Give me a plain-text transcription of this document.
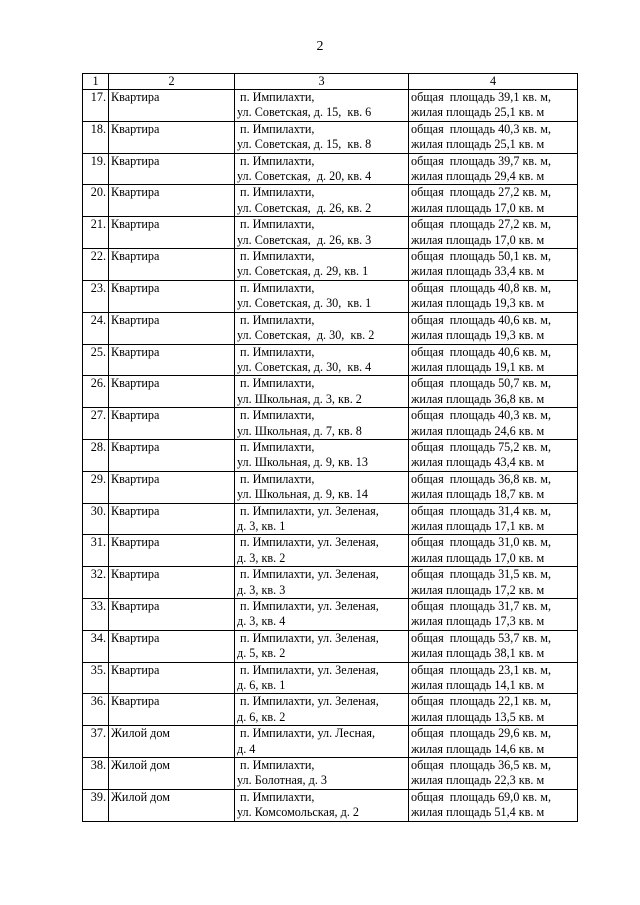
2
1	2	3	4
17.	Квартира	п. Импилахти,
ул. Советская, д. 15,  кв. 6	общая  площадь 39,1 кв. м,
жилая площадь 25,1 кв. м

18.	Квартира	п. Импилахти,
ул. Советская, д. 15,  кв. 8	общая  площадь 40,3 кв. м,
жилая площадь 25,1 кв. м

19.	Квартира	п. Импилахти,
ул. Советская,  д. 20, кв. 4	общая  площадь 39,7 кв. м,
жилая площадь 29,4 кв. м

20.	Квартира	п. Импилахти,
ул. Советская,  д. 26, кв. 2	общая  площадь 27,2 кв. м,
жилая площадь 17,0 кв. м

21.	Квартира	п. Импилахти,
ул. Советская,  д. 26, кв. 3	общая  площадь 27,2 кв. м,
жилая площадь 17,0 кв. м

22.	Квартира	п. Импилахти,
ул. Советская, д. 29, кв. 1	общая  площадь 50,1 кв. м,
жилая площадь 33,4 кв. м

23.	Квартира	п. Импилахти,
ул. Советская, д. 30,  кв. 1	общая  площадь 40,8 кв. м,
жилая площадь 19,3 кв. м

24.	Квартира	п. Импилахти,
ул. Советская,  д. 30,  кв. 2	общая  площадь 40,6 кв. м,
жилая площадь 19,3 кв. м

25.	Квартира	п. Импилахти,
ул. Советская, д. 30,  кв. 4	общая  площадь 40,6 кв. м,
жилая площадь 19,1 кв. м

26.	Квартира	п. Импилахти,
ул. Школьная, д. 3, кв. 2	общая  площадь 50,7 кв. м,
жилая площадь 36,8 кв. м

27.	Квартира	п. Импилахти,
ул. Школьная, д. 7, кв. 8	общая  площадь 40,3 кв. м,
жилая площадь 24,6 кв. м

28.	Квартира	п. Импилахти,
ул. Школьная, д. 9, кв. 13	общая  площадь 75,2 кв. м,
жилая площадь 43,4 кв. м

29.	Квартира	п. Импилахти,
ул. Школьная, д. 9, кв. 14	общая  площадь 36,8 кв. м,
жилая площадь 18,7 кв. м

30.	Квартира	п. Импилахти, ул. Зеленая,
д. 3, кв. 1	общая  площадь 31,4 кв. м,
жилая площадь 17,1 кв. м

31.	Квартира	п. Импилахти, ул. Зеленая,
д. 3, кв. 2	общая  площадь 31,0 кв. м,
жилая площадь 17,0 кв. м

32.	Квартира	п. Импилахти, ул. Зеленая,
д. 3, кв. 3	общая  площадь 31,5 кв. м,
жилая площадь 17,2 кв. м

33.	Квартира	п. Импилахти, ул. Зеленая,
д. 3, кв. 4	общая  площадь 31,7 кв. м,
жилая площадь 17,3 кв. м

34.	Квартира	п. Импилахти, ул. Зеленая,
д. 5, кв. 2	общая  площадь 53,7 кв. м,
жилая площадь 38,1 кв. м

35.	Квартира	п. Импилахти, ул. Зеленая,
д. 6, кв. 1	общая  площадь 23,1 кв. м,
жилая площадь 14,1 кв. м

36.	Квартира	п. Импилахти, ул. Зеленая,
д. 6, кв. 2	общая  площадь 22,1 кв. м,
жилая площадь 13,5 кв. м

37.	Жилой дом	п. Импилахти, ул. Лесная,
д. 4	общая  площадь 29,6 кв. м,
жилая площадь 14,6 кв. м

38.	Жилой дом	п. Импилахти,
ул. Болотная, д. 3	общая  площадь 36,5 кв. м,
жилая площадь 22,3 кв. м

39.	Жилой дом	п. Импилахти,
ул. Комсомольская, д. 2	общая  площадь 69,0 кв. м,
жилая площадь 51,4 кв. м
